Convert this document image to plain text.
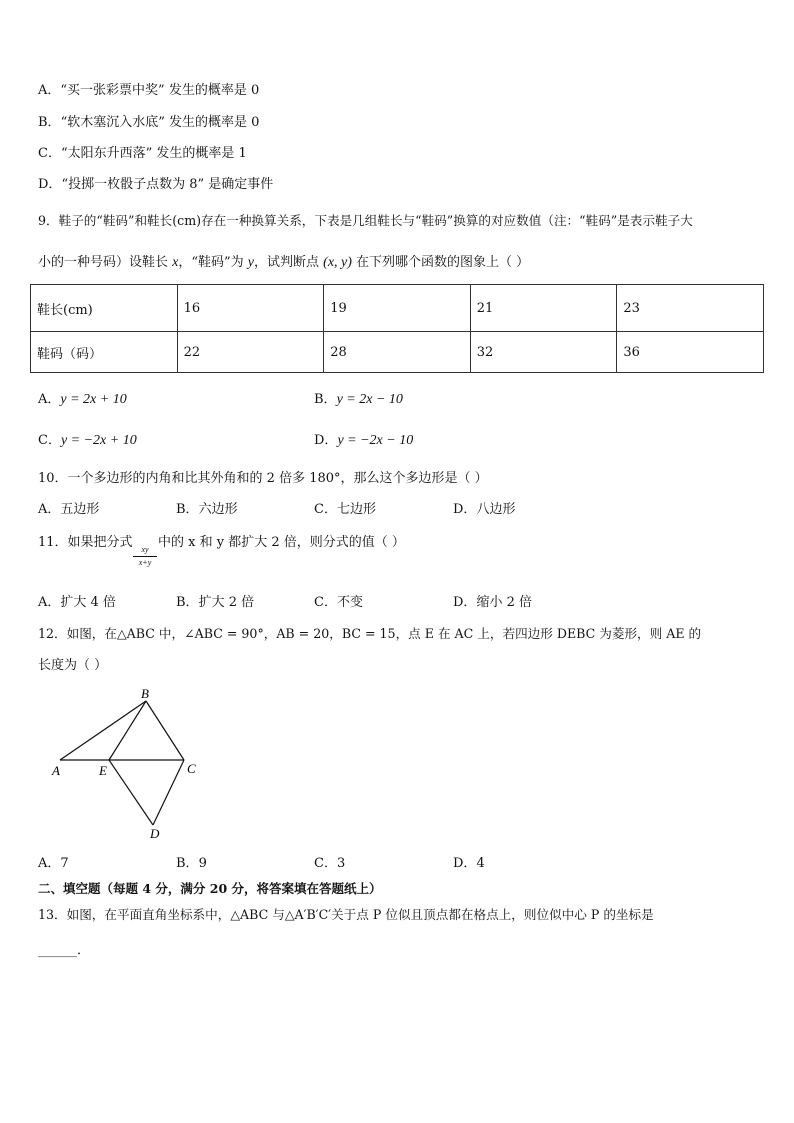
A．“买一张彩票中奖” 发生的概率是 0
B．“软木塞沉入水底” 发生的概率是 0
C．“太阳东升西落” 发生的概率是 1
D．“投掷一枚骰子点数为 8” 是确定事件
9．鞋子的“鞋码”和鞋长(cm)存在一种换算关系，下表是几组鞋长与“鞋码”换算的对应数值（注：“鞋码”是表示鞋子大
小的一种号码）设鞋长 x，“鞋码”为 y，试判断点 (x, y) 在下列哪个函数的图象上（ ）
鞋长(cm)	16	19	21	23
鞋码（码）	22	28	32	36
A．y = 2x + 10	B．y = 2x − 10
C．y = −2x + 10	D．y = −2x − 10
10．一个多边形的内角和比其外角和的 2 倍多 180°，那么这个多边形是（ ）
A．五边形	B．六边形	C．七边形	D．八边形
11．如果把分式	xy
x+y
中的 x 和 y 都扩大 2 倍，则分式的值（ ）
A．扩大 4 倍	B．扩大 2 倍	C．不变	D．缩小 2 倍
12．如图，在△ABC 中，∠ABC = 90°，AB = 20，BC = 15，点 E 在 AC 上，若四边形 DEBC 为菱形，则 AE 的
长度为（ ）
A
B
C
D
E
A．7	B．9	C．3	D．4
二、填空题（每题 4 分，满分 20 分，将答案填在答题纸上）
13．如图，在平面直角坐标系中，△ABC 与△A′B′C′关于点 P 位似且顶点都在格点上，则位似中心 P 的坐标是
______．
